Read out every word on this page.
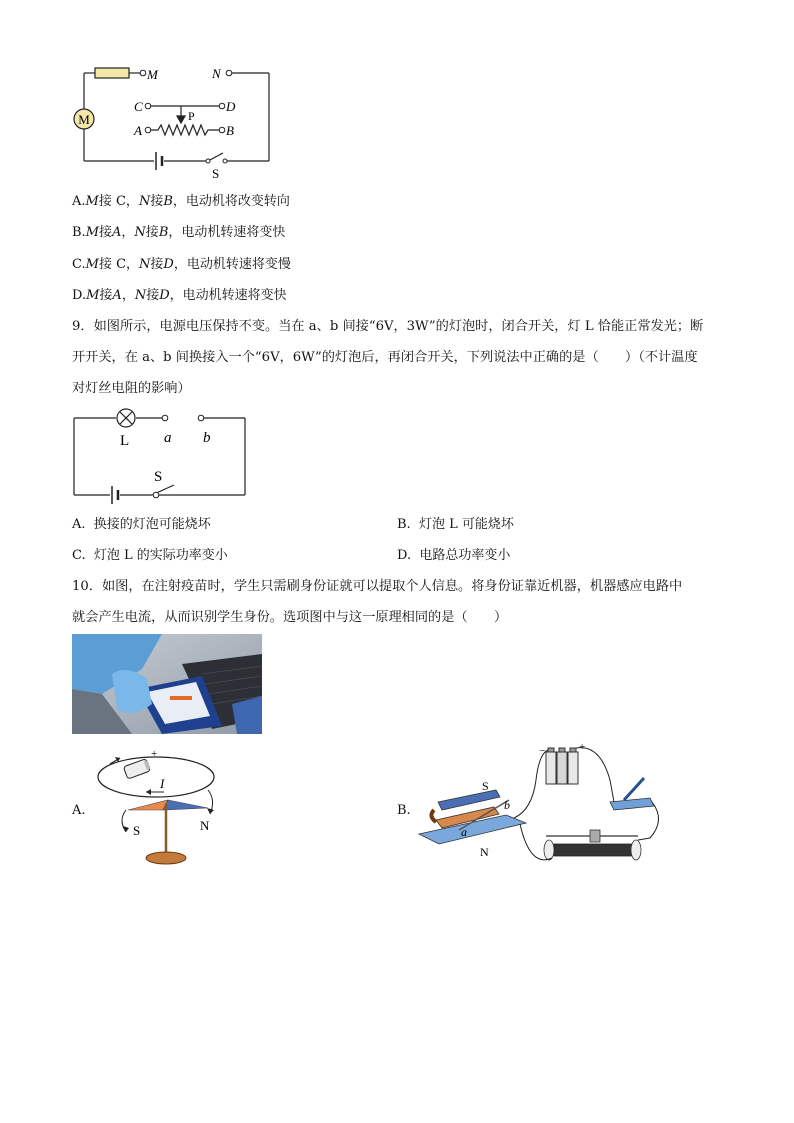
M
M	N
C	D
P
A	B
S
A.M接 C，N接B，电动机将改变转向
B.M接A，N接B，电动机转速将变快
C.M接 C，N接D，电动机转速将变慢
D.M接A，N接D，电动机转速将变快
9．如图所示，电源电压保持不变。当在 a、b 间接“6V，3W”的灯泡时，闭合开关，灯 L 恰能正常发光；断
开开关，在 a、b 间换接入一个“6V，6W”的灯泡后，再闭合开关，下列说法中正确的是（　　）（不计温度
对灯丝电阻的影响）
L a b
S
A. 换接的灯泡可能烧坏	B. 灯泡 L 可能烧坏
C. 灯泡 L 的实际功率变小	D. 电路总功率变小
10．如图，在注射疫苗时，学生只需刷身份证就可以提取个人信息。将身份证靠近机器，机器感应电路中
就会产生电流，从而识别学生身份。选项图中与这一原理相同的是（　　）
A.
+
I
S	N
B.
−	+
S
N
a
b
